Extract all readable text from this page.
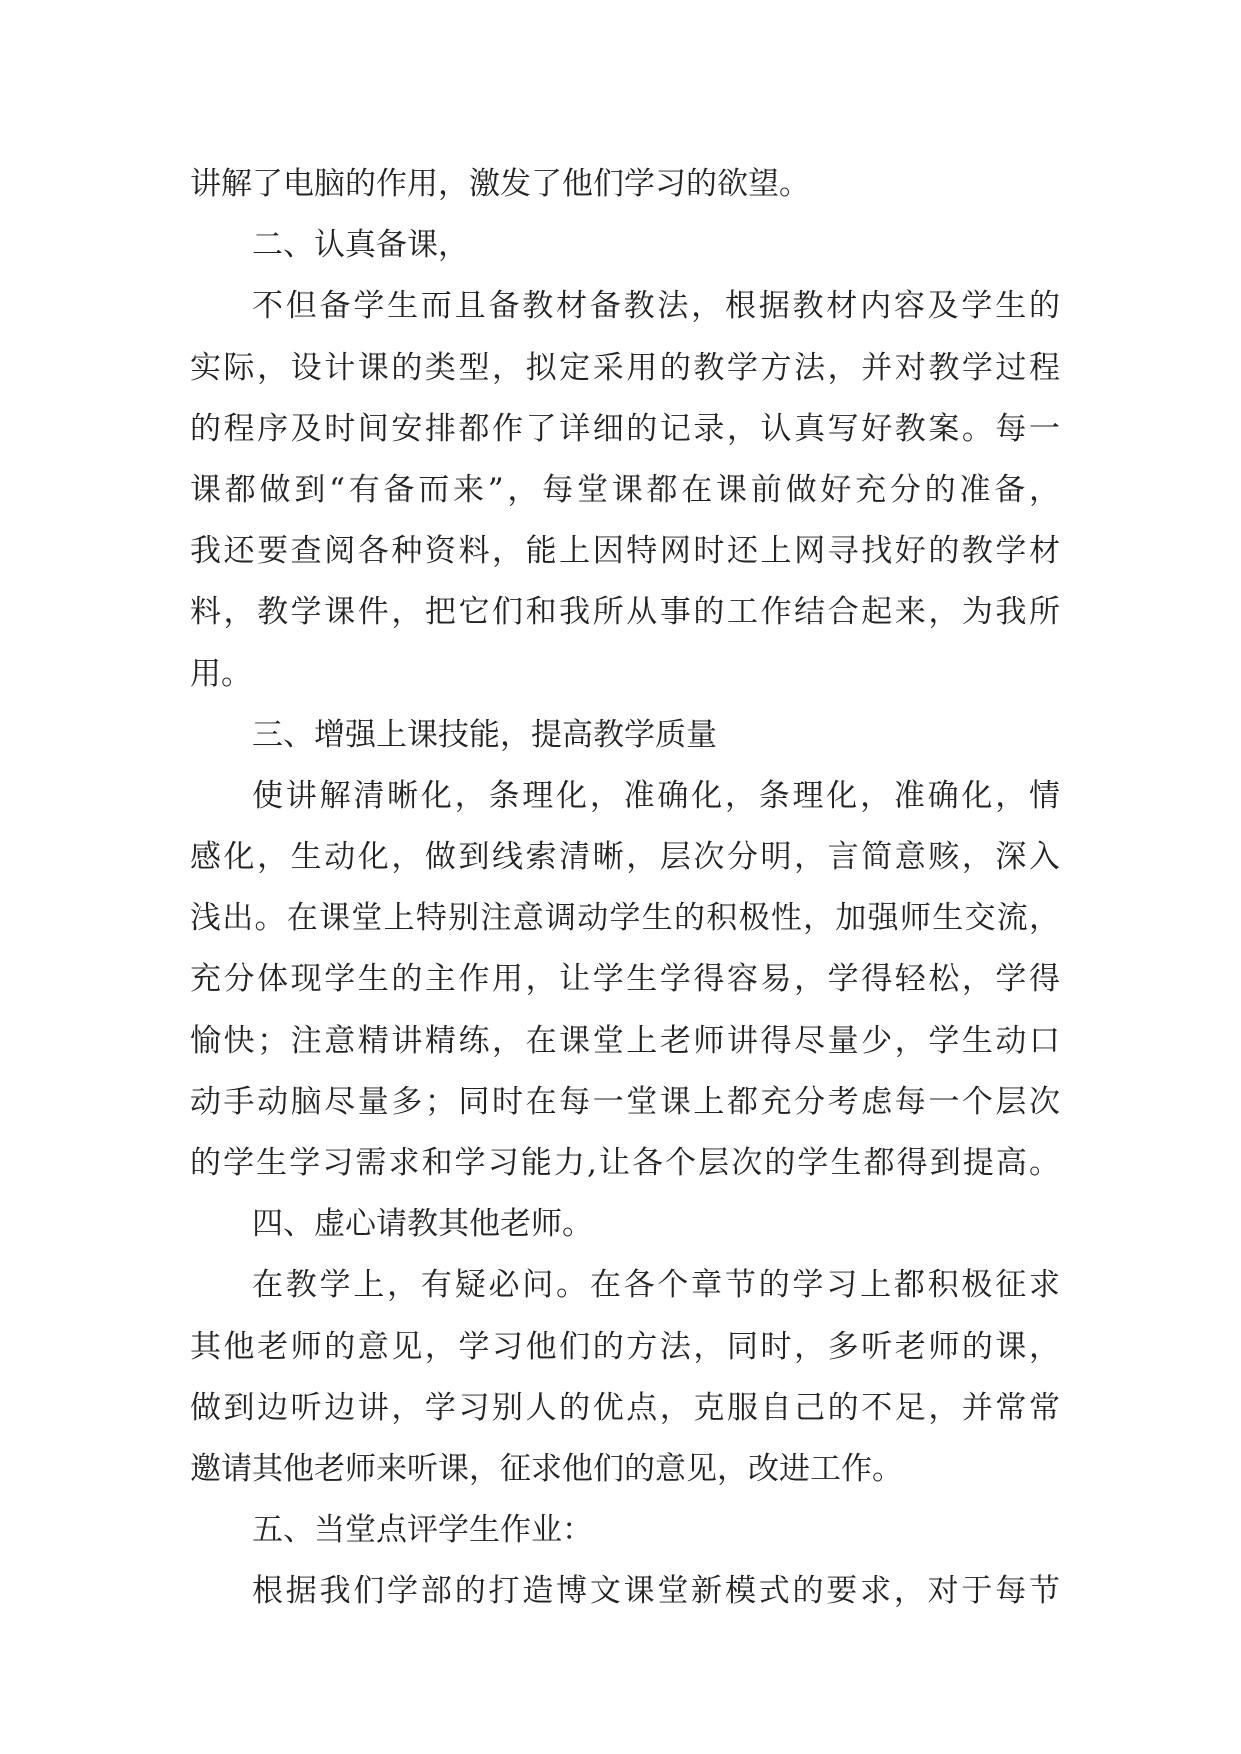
讲解了电脑的作用，激发了他们学习的欲望。

二、认真备课，

不但备学生而且备教材备教法，根据教材内容及学生的

实际，设计课的类型，拟定采用的教学方法，并对教学过程

的程序及时间安排都作了详细的记录，认真写好教案。每一

课都做到“有备而来”，每堂课都在课前做好充分的准备，

我还要查阅各种资料，能上因特网时还上网寻找好的教学材

料，教学课件，把它们和我所从事的工作结合起来，为我所

用。

三、增强上课技能，提高教学质量

使讲解清晰化，条理化，准确化，条理化，准确化，情

感化，生动化，做到线索清晰，层次分明，言简意赅，深入

浅出。在课堂上特别注意调动学生的积极性，加强师生交流，

充分体现学生的主作用，让学生学得容易，学得轻松，学得

愉快；注意精讲精练，在课堂上老师讲得尽量少，学生动口

动手动脑尽量多；同时在每一堂课上都充分考虑每一个层次

的学生学习需求和学习能力,让各个层次的学生都得到提高。

四、虚心请教其他老师。

在教学上，有疑必问。在各个章节的学习上都积极征求

其他老师的意见，学习他们的方法，同时，多听老师的课，

做到边听边讲，学习别人的优点，克服自己的不足，并常常

邀请其他老师来听课，征求他们的意见，改进工作。

五、当堂点评学生作业：

根据我们学部的打造博文课堂新模式的要求，对于每节
